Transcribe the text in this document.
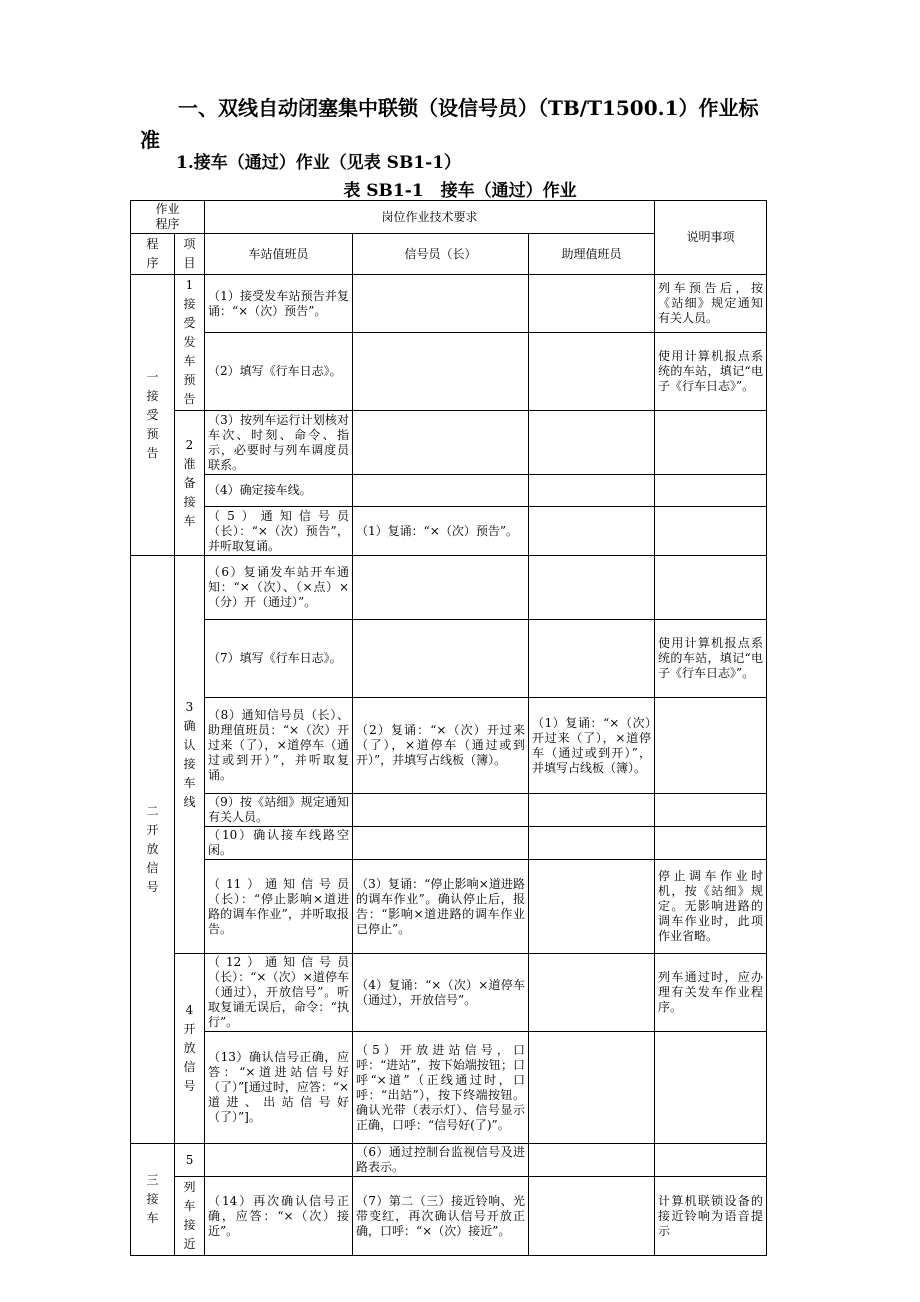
一、双线自动闭塞集中联锁（设信号员）（TB/T1500.1）作业标
准
1.接车（通过）作业（见表 SB1-1）
表 SB1-1　接车（通过）作业
作业
程序		岗位作业技术要求			说明事项

程序	项目	车站值班员	信号员（长）	助理值班员	

一接受预告	1接受发车预告	（1）接受发车站预告并复诵：“×（次）预告”。			列车预告后，按《站细》规定通知有关人员。
		（2）填写《行车日志》。			使用计算机报点系统的车站，填记“电子《行车日志》”。

	2准备接车	（3）按列车运行计划核对车次、时刻、命令、指示，必要时与列车调度员联系。			
		（4）确定接车线。			
		（5）通知信号员（长）：“×（次）预告”，并听取复诵。	（1）复诵：“×（次）预告”。		

二开放信号	3确认接车线	（6）复诵发车站开车通知：“×（次）、（×点）×（分）开（通过）”。			
		（7）填写《行车日志》。			使用计算机报点系统的车站，填记“电子《行车日志》”。
		（8）通知信号员（长）、助理值班员：“×（次）开过来（了），×道停车（通过或到开）”，并听取复诵。	（2）复诵：“×（次）开过来（了），×道停车（通过或到开）”，并填写占线板（簿）。	（1）复诵：“×（次）开过来（了），×道停车（通过或到开）”，并填写占线板（簿）。	
		（9）按《站细》规定通知有关人员。			
		（10）确认接车线路空闲。			
		（11）通知信号员（长）：“停止影响×道进路的调车作业”，并听取报告。	（3）复诵：“停止影响×道进路的调车作业”。确认停止后，报告：“影响×道进路的调车作业已停止”。		停止调车作业时机，按《站细》规定。无影响进路的调车作业时，此项作业省略。

	4开放信号	（12）通知信号员（长）：“×（次）×道停车（通过），开放信号”。听取复诵无误后，命令：“执行”。	（4）复诵：“×（次）×道停车（通过），开放信号”。		列车通过时，应办理有关发车作业程序。
		（13）确认信号正确，应答：“×道进站信号好（了）”[通过时，应答：“×道进、出站信号好（了）”]。	（5）开放进站信号，口呼：“进站”，按下始端按钮；口呼“×道”（正线通过时，口呼：“出站”），按下终端按钮。确认光带（表示灯）、信号显示正确，口呼：“信号好(了)”。		

三接车	5		（6）通过控制台监视信号及进路表示。		

	列车接近	（14）再次确认信号正确，应答：“×（次）接近”。	（7）第二（三）接近铃响、光带变红，再次确认信号开放正确，口呼：“×（次）接近”。		计算机联锁设备的接近铃响为语音提示
